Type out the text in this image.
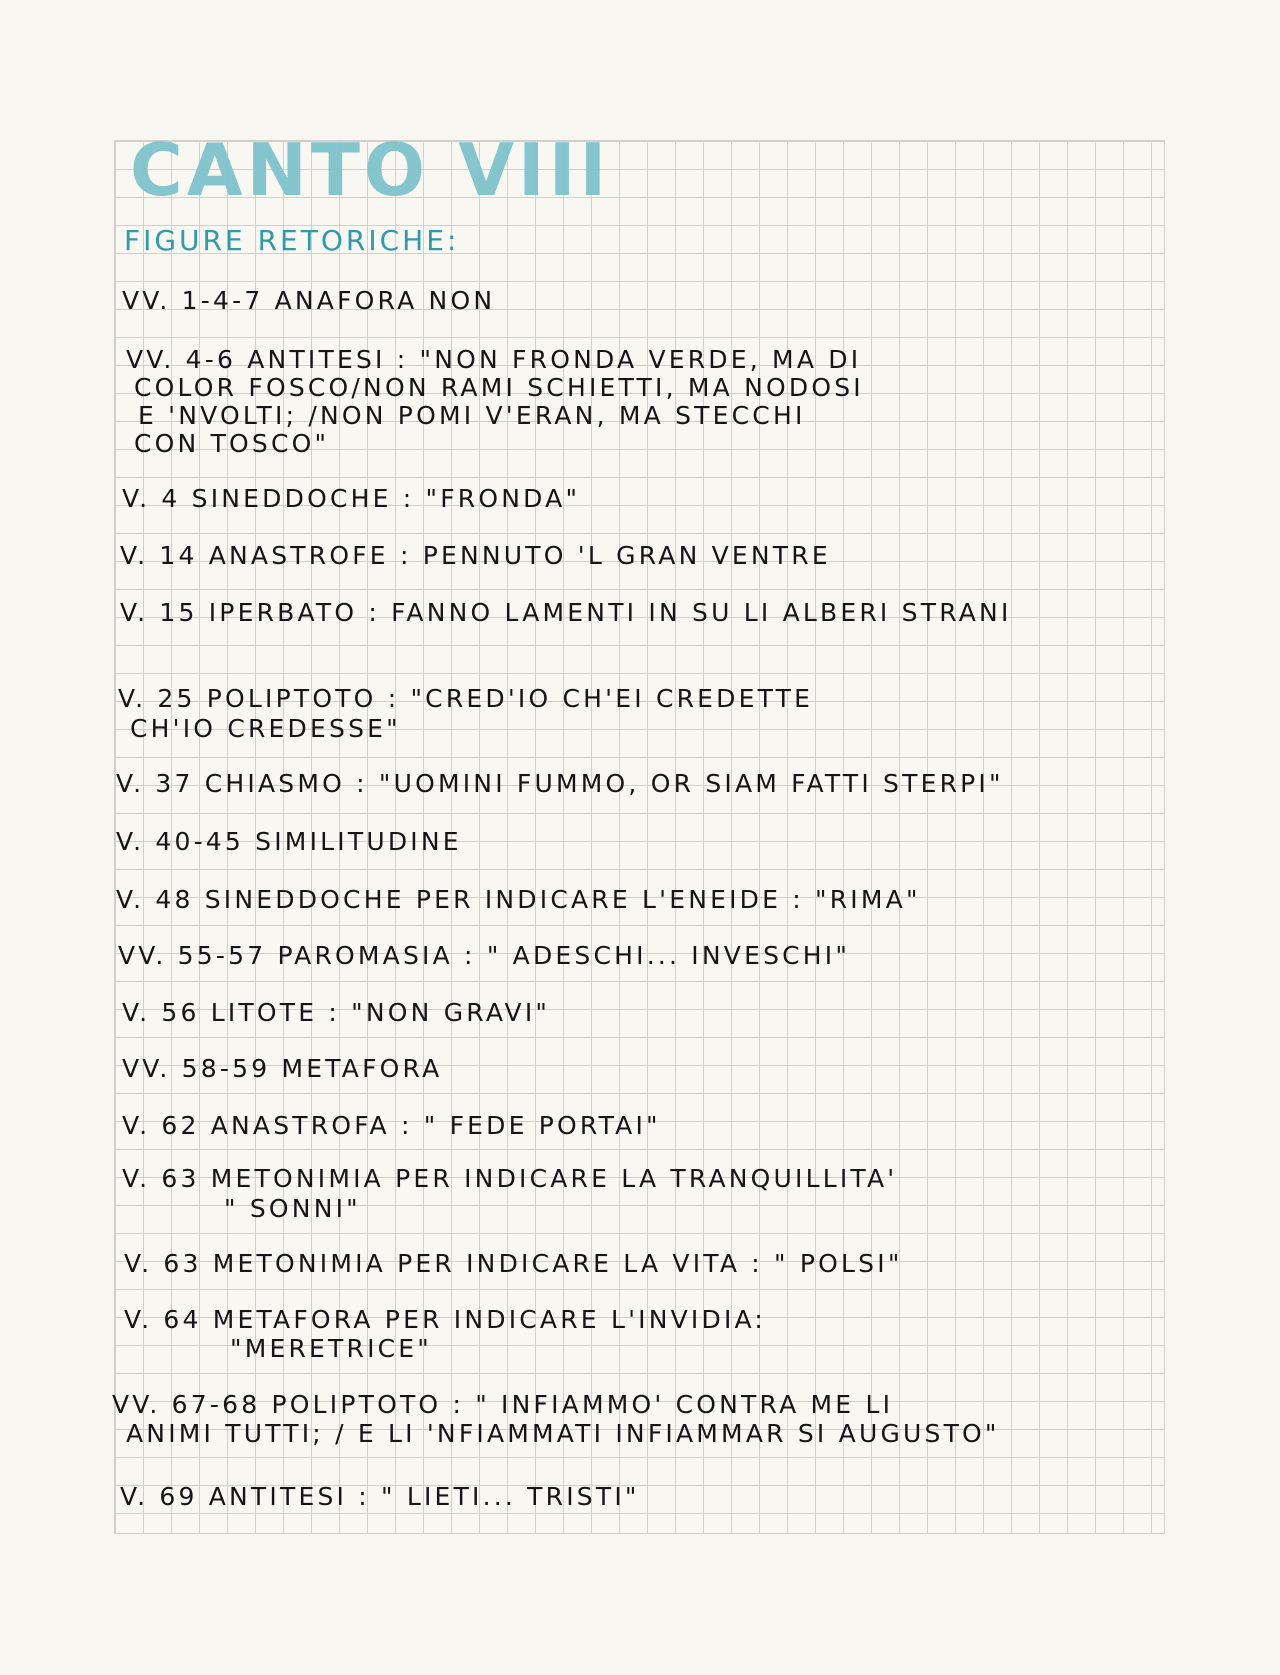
CANTO VIII
FIGURE RETORICHE:
VV. 1-4-7 ANAFORA NON
VV. 4-6 ANTITESI : "NON FRONDA VERDE, MA DI
COLOR FOSCO/NON RAMI SCHIETTI, MA NODOSI
E 'NVOLTI; /NON POMI V'ERAN, MA STECCHI
CON TOSCO"
V. 4 SINEDDOCHE : "FRONDA"
V. 14 ANASTROFE : PENNUTO 'L GRAN VENTRE
V. 15 IPERBATO : FANNO LAMENTI IN SU LI ALBERI STRANI
V. 25 POLIPTOTO : "CRED'IO CH'EI CREDETTE
CH'IO CREDESSE"
V. 37 CHIASMO : "UOMINI FUMMO, OR SIAM FATTI STERPI"
V. 40-45 SIMILITUDINE
V. 48 SINEDDOCHE PER INDICARE L'ENEIDE : "RIMA"
VV. 55-57 PAROMASIA : " ADESCHI... INVESCHI"
V. 56 LITOTE : "NON GRAVI"
VV. 58-59 METAFORA
V. 62 ANASTROFA : " FEDE PORTAI"
V. 63 METONIMIA PER INDICARE LA TRANQUILLITA'
" SONNI"
V. 63 METONIMIA PER INDICARE LA VITA : " POLSI"
V. 64 METAFORA PER INDICARE L'INVIDIA:
"MERETRICE"
VV. 67-68 POLIPTOTO : " INFIAMMO' CONTRA ME LI
ANIMI TUTTI; / E LI 'NFIAMMATI INFIAMMAR SI AUGUSTO"
V. 69 ANTITESI : " LIETI... TRISTI"
